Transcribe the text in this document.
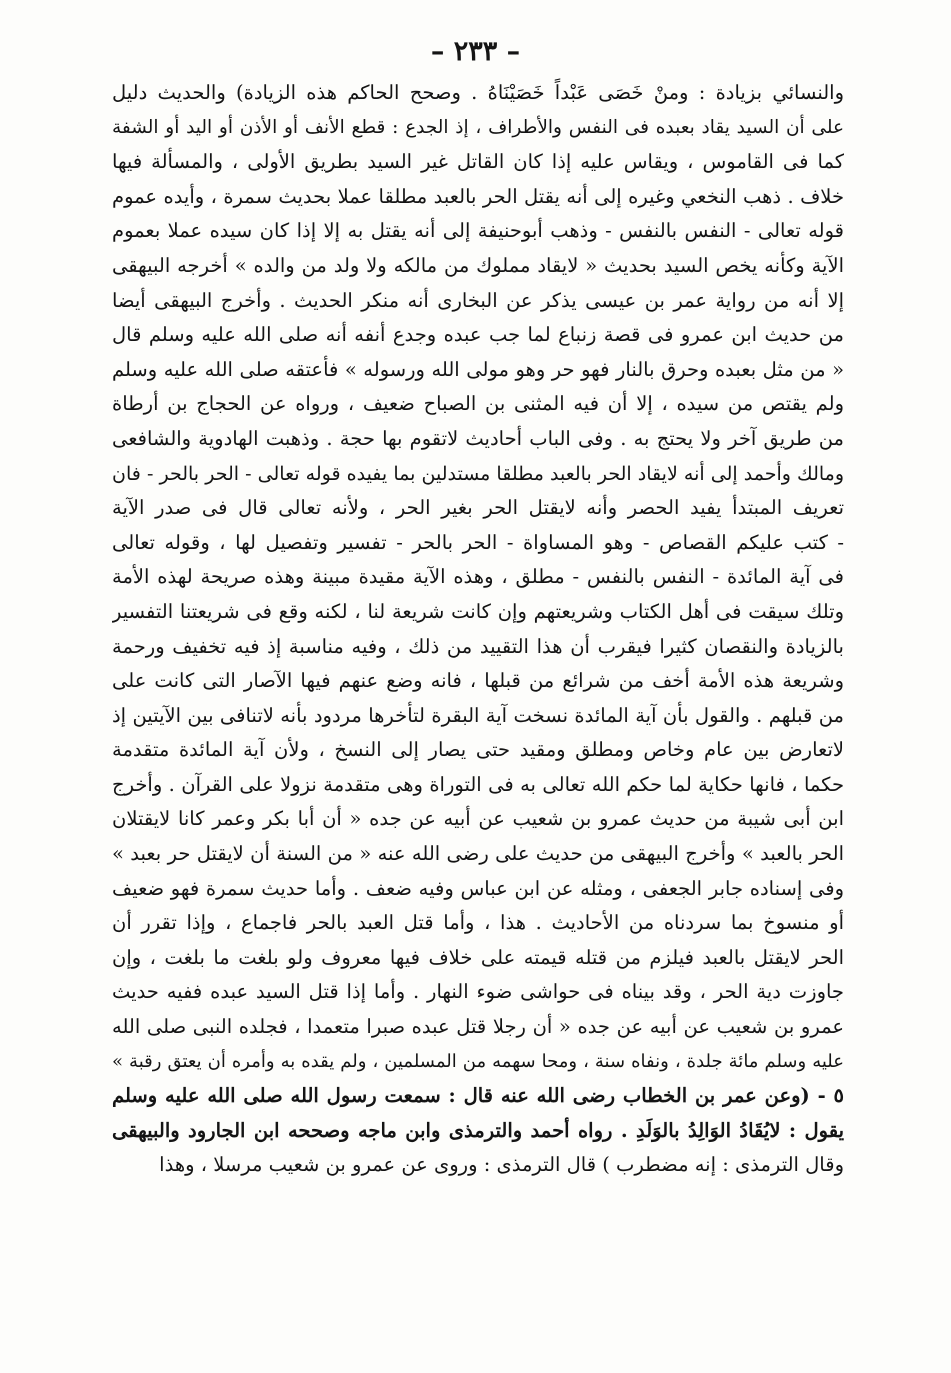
– ٢٣٣ –
والنسائي بزيادة : ومنْ خَصَى عَبْداً خَصَيْنَاهُ . وصحح الحاكم هذه الزيادة) والحديث دليل
على أن السيد يقاد بعبده فى النفس والأطراف ، إذ الجدع : قطع الأنف أو الأذن أو اليد أو الشفة
كما فى القاموس ، ويقاس عليه إذا كان القاتل غير السيد بطريق الأولى ، والمسألة فيها
خلاف . ذهب النخعي وغيره إلى أنه يقتل الحر بالعبد مطلقا عملا بحديث سمرة ، وأيده عموم
قوله تعالى - النفس بالنفس - وذهب أبوحنيفة إلى أنه يقتل به إلا إذا كان سيده عملا بعموم
الآية وكأنه يخص السيد بحديث « لايقاد مملوك من مالكه ولا ولد من والده » أخرجه البيهقى
إلا أنه من رواية عمر بن عيسى يذكر عن البخارى أنه منكر الحديث . وأخرج البيهقى أيضا
من حديث ابن عمرو فى قصة زنباع لما جب عبده وجدع أنفه أنه صلى الله عليه وسلم قال
« من مثل بعبده وحرق بالنار فهو حر وهو مولى الله ورسوله » فأعتقه صلى الله عليه وسلم
ولم يقتص من سيده ، إلا أن فيه المثنى بن الصباح ضعيف ، ورواه عن الحجاج بن أرطاة
من طريق آخر ولا يحتج به . وفى الباب أحاديث لاتقوم بها حجة . وذهبت الهادوية والشافعى
ومالك وأحمد إلى أنه لايقاد الحر بالعبد مطلقا مستدلين بما يفيده قوله تعالى - الحر بالحر - فان
تعريف المبتدأ يفيد الحصر وأنه لايقتل الحر بغير الحر ، ولأنه تعالى قال فى صدر الآية
- كتب عليكم القصاص - وهو المساواة - الحر بالحر - تفسير وتفصيل لها ، وقوله تعالى
فى آية المائدة - النفس بالنفس - مطلق ، وهذه الآية مقيدة مبينة وهذه صريحة لهذه الأمة
وتلك سيقت فى أهل الكتاب وشريعتهم وإن كانت شريعة لنا ، لكنه وقع فى شريعتنا التفسير
بالزيادة والنقصان كثيرا فيقرب أن هذا التقييد من ذلك ، وفيه مناسبة إذ فيه تخفيف ورحمة
وشريعة هذه الأمة أخف من شرائع من قبلها ، فانه وضع عنهم فيها الآصار التى كانت على
من قبلهم . والقول بأن آية المائدة نسخت آية البقرة لتأخرها مردود بأنه لاتنافى بين الآيتين إذ
لاتعارض بين عام وخاص ومطلق ومقيد حتى يصار إلى النسخ ، ولأن آية المائدة متقدمة
حكما ، فانها حكاية لما حكم الله تعالى به فى التوراة وهى متقدمة نزولا على القرآن . وأخرج
ابن أبى شيبة من حديث عمرو بن شعيب عن أبيه عن جده « أن أبا بكر وعمر كانا لايقتلان
الحر بالعبد » وأخرج البيهقى من حديث على رضى الله عنه « من السنة أن لايقتل حر بعبد »
وفى إسناده جابر الجعفى ، ومثله عن ابن عباس وفيه ضعف . وأما حديث سمرة فهو ضعيف
أو منسوخ بما سردناه من الأحاديث . هذا ، وأما قتل العبد بالحر فاجماع ، وإذا تقرر أن
الحر لايقتل بالعبد فيلزم من قتله قيمته على خلاف فيها معروف ولو بلغت ما بلغت ، وإن
جاوزت دية الحر ، وقد بيناه فى حواشى ضوء النهار . وأما إذا قتل السيد عبده ففيه حديث
عمرو بن شعيب عن أبيه عن جده « أن رجلا قتل عبده صبرا متعمدا ، فجلده النبى صلى الله
عليه وسلم مائة جلدة ، ونفاه سنة ، ومحا سهمه من المسلمين ، ولم يقده به وأمره أن يعتق رقبة »
٥ - (وعن عمر بن الخطاب رضى الله عنه قال : سمعت رسول الله صلى الله عليه وسلم
يقول : لايُقَادُ الوَالِدُ بالوَلَدِ . رواه أحمد والترمذى وابن ماجه وصححه ابن الجارود والبيهقى
وقال الترمذى : إنه مضطرب ) قال الترمذى : وروى عن عمرو بن شعيب مرسلا ، وهذا
